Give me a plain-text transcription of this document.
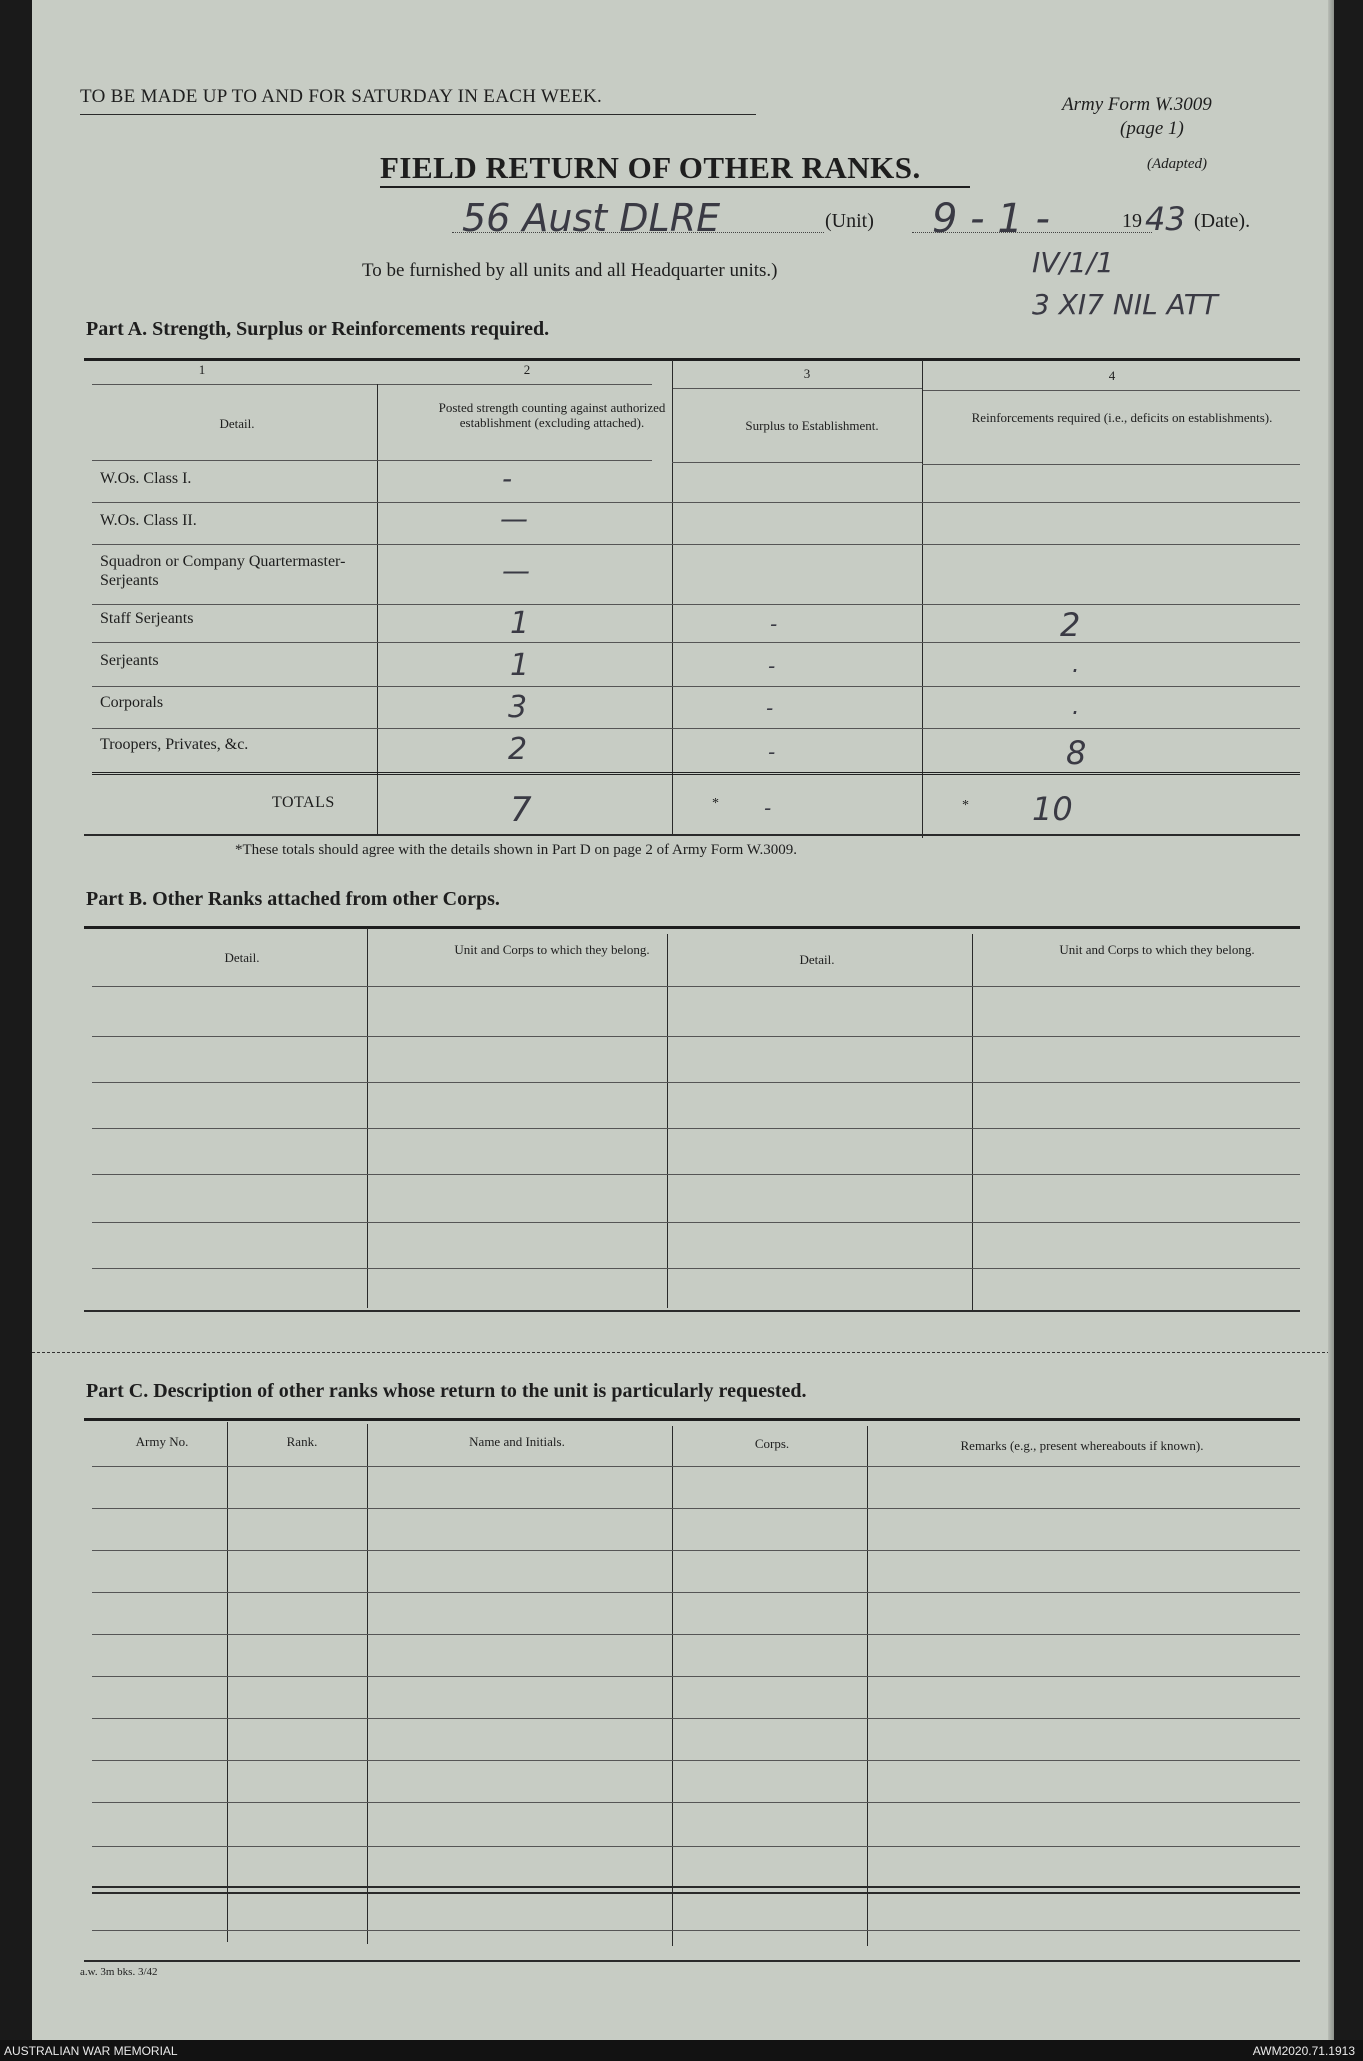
TO BE MADE UP TO AND FOR SATURDAY IN EACH WEEK.	Army Form W.3009
(page 1)
(Adapted)
FIELD RETURN OF OTHER RANKS.
56 Aust DLRE	(Unit) 9 - 1 -	19 43 (Date).
To be furnished by all units and all Headquarter units.)	IV/1/1
3 XI7 NIL ATT
Part A. Strength, Surplus or Reinforcements required.
1	2	3	4
Detail.
Posted strength counting against authorized establishment (excluding attached).	Surplus to Establishment.
Reinforcements required (i.e., deficits on establishments).
W.Os. Class I.	-
W.Os. Class II.	—
Squadron or Company Quartermaster-Serjeants	—
Staff Serjeants	1	-	2
Serjeants	1	-	.
Corporals	3	-	.
Troopers, Privates, &c.	2	-	8
TOTALS	7	* -	* 10
*These totals should agree with the details shown in Part D on page 2 of Army Form W.3009.
Part B. Other Ranks attached from other Corps.
Detail.
Unit and Corps to which they belong.
Detail.
Unit and Corps to which they belong.
Part C. Description of other ranks whose return to the unit is particularly requested.
Army No.	Rank.	Name and Initials.	Corps.	Remarks (e.g., present whereabouts if known).
a.w. 3m bks. 3/42
AUSTRALIAN WAR MEMORIAL	AWM2020.71.1913
